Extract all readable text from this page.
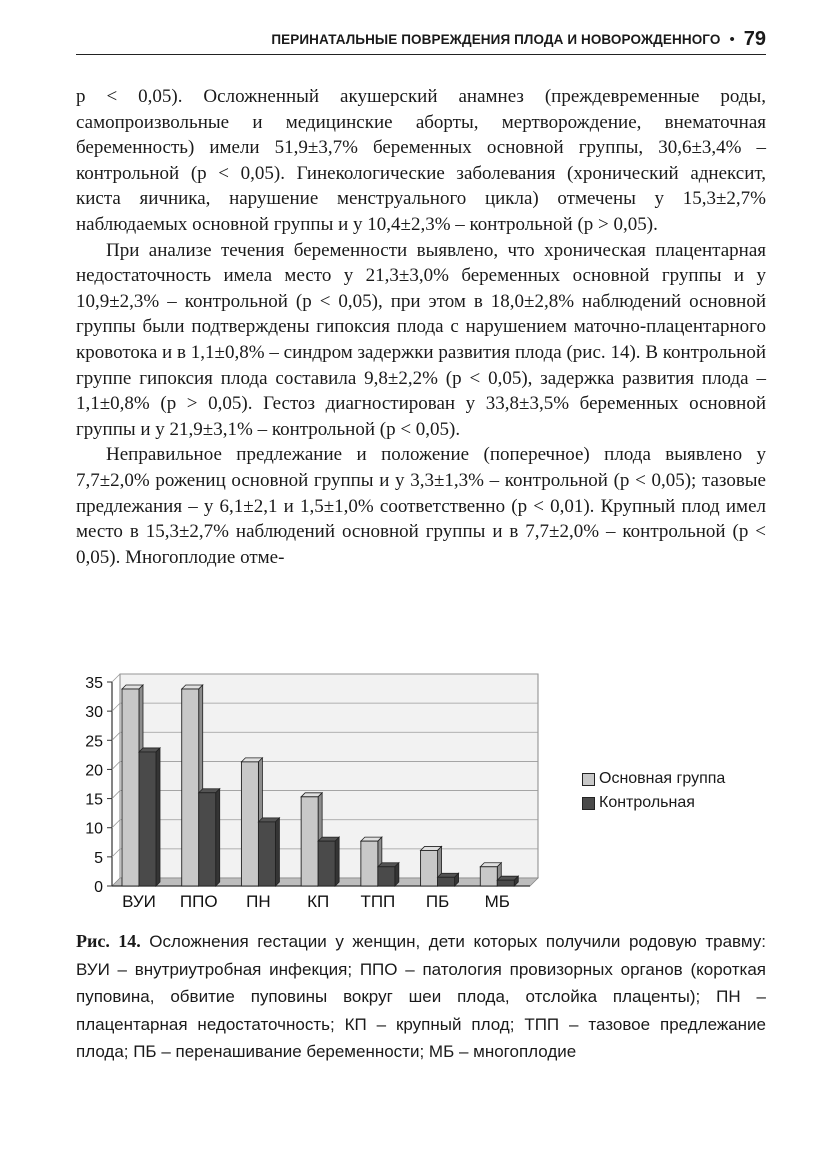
ПЕРИНАТАЛЬНЫЕ ПОВРЕЖДЕНИЯ ПЛОДА И НОВОРОЖДЕННОГО • 79

p < 0,05). Осложненный акушерский анамнез (преждевременные роды, самопроизвольные и медицинские аборты, мертворождение, внематочная беременность) имели 51,9±3,7% беременных основной группы, 30,6±3,4% – контрольной (p < 0,05). Гинекологические заболевания (хронический аднексит, киста яичника, нарушение менструального цикла) отмечены у 15,3±2,7% наблюдаемых основной группы и у 10,4±2,3% – контрольной (p > 0,05).

При анализе течения беременности выявлено, что хроническая плацентарная недостаточность имела место у 21,3±3,0% беременных основной группы и у 10,9±2,3% – контрольной (p < 0,05), при этом в 18,0±2,8% наблюдений основной группы были подтверждены гипоксия плода с нарушением маточно-плацентарного кровотока и в 1,1±0,8% – синдром задержки развития плода (рис. 14). В контрольной группе гипоксия плода составила 9,8±2,2% (p < 0,05), задержка развития плода – 1,1±0,8% (p > 0,05). Гестоз диагностирован у 33,8±3,5% беременных основной группы и у 21,9±3,1% – контрольной (p < 0,05).

Неправильное предлежание и положение (поперечное) плода выявлено у 7,7±2,0% рожениц основной группы и у 3,3±1,3% – контрольной (p < 0,05); тазовые предлежания – у 6,1±2,1 и 1,5±1,0% соответственно (p < 0,01). Крупный плод имел место в 15,3±2,7% наблюдений основной группы и в 7,7±2,0% – контрольной (p < 0,05). Многоплодие отме-

0
5
10
15
20
25
30
35
ВУИ ППО ПН КП ТПП ПБ МБ
Основная группа
Контрольная
Рис. 14. Осложнения гестации у женщин, дети которых получили родовую травму: ВУИ – внутриутробная инфекция; ППО – патология провизорных органов (короткая пуповина, обвитие пуповины вокруг шеи плода, отслойка плаценты); ПН – плацентарная недостаточность; КП – крупный плод; ТПП – тазовое предлежание плода; ПБ – перенашивание беременности; МБ – многоплодие
